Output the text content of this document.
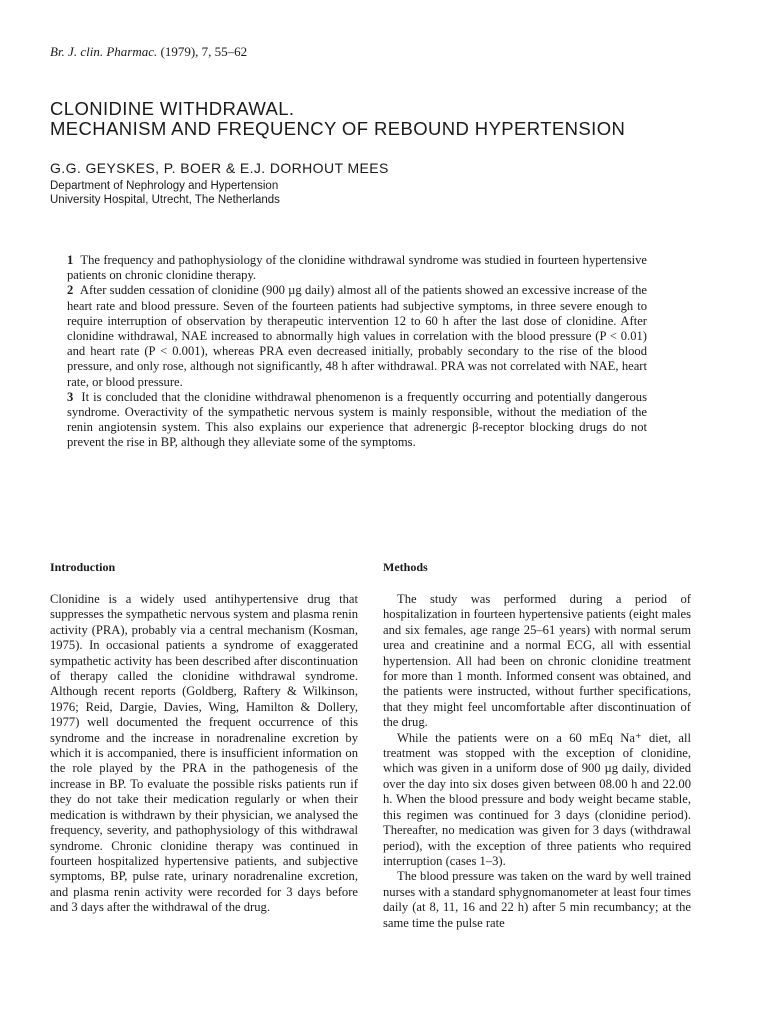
Br. J. clin. Pharmac. (1979), 7, 55–62
CLONIDINE WITHDRAWAL.
MECHANISM AND FREQUENCY OF REBOUND HYPERTENSION
G.G. GEYSKES, P. BOER & E.J. DORHOUT MEES
Department of Nephrology and Hypertension
University Hospital, Utrecht, The Netherlands

1 The frequency and pathophysiology of the clonidine withdrawal syndrome was studied in fourteen hypertensive patients on chronic clonidine therapy.

2 After sudden cessation of clonidine (900 µg daily) almost all of the patients showed an excessive increase of the heart rate and blood pressure. Seven of the fourteen patients had subjective symptoms, in three severe enough to require interruption of observation by therapeutic intervention 12 to 60 h after the last dose of clonidine. After clonidine withdrawal, NAE increased to abnormally high values in correlation with the blood pressure (P < 0.01) and heart rate (P < 0.001), whereas PRA even decreased initially, probably secondary to the rise of the blood pressure, and only rose, although not significantly, 48 h after withdrawal. PRA was not correlated with NAE, heart rate, or blood pressure.

3 It is concluded that the clonidine withdrawal phenomenon is a frequently occurring and potentially dangerous syndrome. Overactivity of the sympathetic nervous system is mainly responsible, without the mediation of the renin angiotensin system. This also explains our experience that adrenergic β-receptor blocking drugs do not prevent the rise in BP, although they alleviate some of the symptoms.

Introduction

Clonidine is a widely used antihypertensive drug that suppresses the sympathetic nervous system and plasma renin activity (PRA), probably via a central mechanism (Kosman, 1975). In occasional patients a syndrome of exaggerated sympathetic activity has been described after discontinuation of therapy called the clonidine withdrawal syndrome. Although recent reports (Goldberg, Raftery & Wilkinson, 1976; Reid, Dargie, Davies, Wing, Hamilton & Dollery, 1977) well documented the frequent occurrence of this syndrome and the increase in noradrenaline excretion by which it is accompanied, there is insufficient information on the role played by the PRA in the pathogenesis of the increase in BP. To evaluate the possible risks patients run if they do not take their medication regularly or when their medication is withdrawn by their physician, we analysed the frequency, severity, and pathophysiology of this withdrawal syndrome. Chronic clonidine therapy was continued in fourteen hospitalized hypertensive patients, and subjective symptoms, BP, pulse rate, urinary noradrenaline excretion, and plasma renin activity were recorded for 3 days before and 3 days after the withdrawal of the drug.

Methods

The study was performed during a period of hospitalization in fourteen hypertensive patients (eight males and six females, age range 25–61 years) with normal serum urea and creatinine and a normal ECG, all with essential hypertension. All had been on chronic clonidine treatment for more than 1 month. Informed consent was obtained, and the patients were instructed, without further specifications, that they might feel uncomfortable after discontinuation of the drug.

While the patients were on a 60 mEq Na⁺ diet, all treatment was stopped with the exception of clonidine, which was given in a uniform dose of 900 µg daily, divided over the day into six doses given between 08.00 h and 22.00 h. When the blood pressure and body weight became stable, this regimen was continued for 3 days (clonidine period). Thereafter, no medication was given for 3 days (withdrawal period), with the exception of three patients who required interruption (cases 1–3).

The blood pressure was taken on the ward by well trained nurses with a standard sphygnomanometer at least four times daily (at 8, 11, 16 and 22 h) after 5 min recumbancy; at the same time the pulse rate
